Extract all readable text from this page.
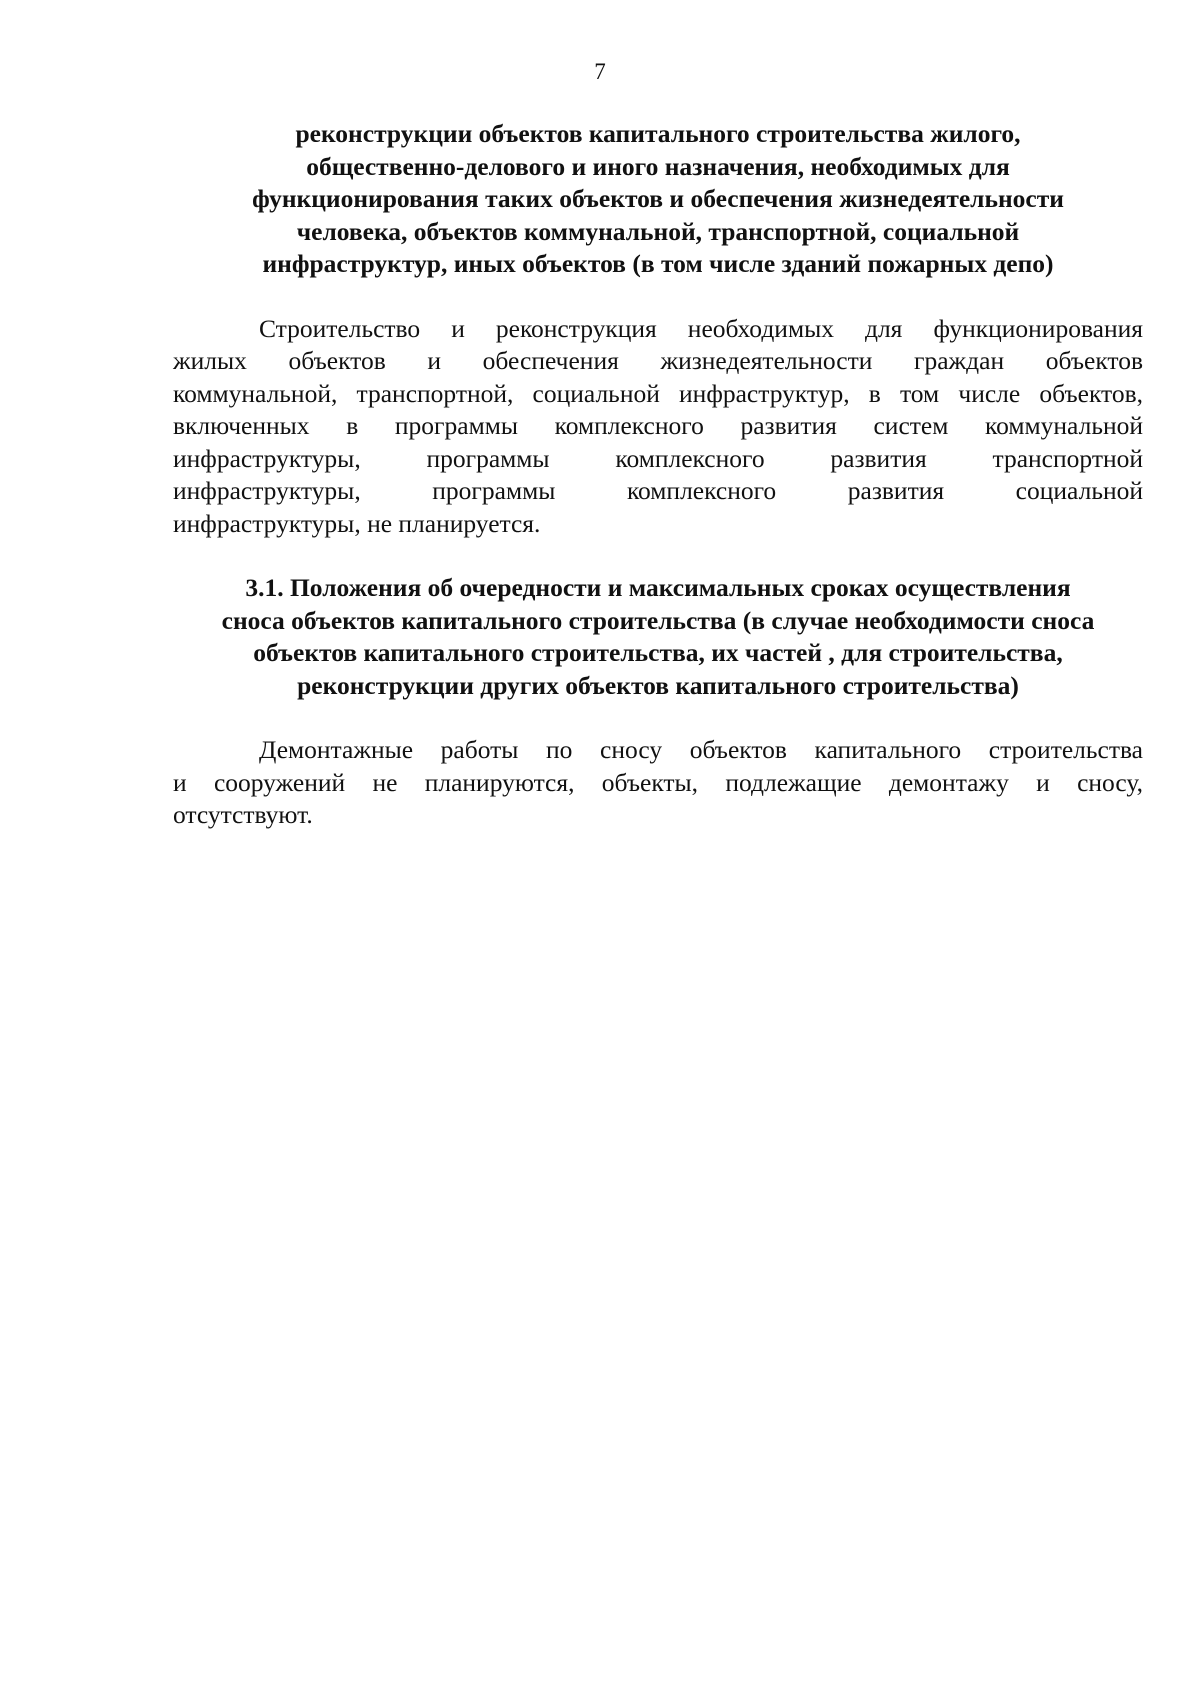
7
реконструкции объектов капитального строительства жилого,
общественно-делового и иного назначения, необходимых для
функционирования таких объектов и обеспечения жизнедеятельности
человека, объектов коммунальной, транспортной, социальной
инфраструктур, иных объектов (в том числе зданий пожарных депо)
Строительство и реконструкция необходимых для функционирования
жилых объектов и обеспечения жизнедеятельности граждан объектов
коммунальной, транспортной, социальной инфраструктур, в том числе объектов,
включенных в программы комплексного развития систем коммунальной
инфраструктуры, программы комплексного развития транспортной
инфраструктуры, программы комплексного развития социальной
инфраструктуры, не планируется.
3.1. Положения об очередности и максимальных сроках осуществления
сноса объектов капитального строительства (в случае необходимости сноса
объектов капитального строительства, их частей , для строительства,
реконструкции других объектов капитального строительства)
Демонтажные работы по сносу объектов капитального строительства
и сооружений не планируются, объекты, подлежащие демонтажу и сносу,
отсутствуют.
